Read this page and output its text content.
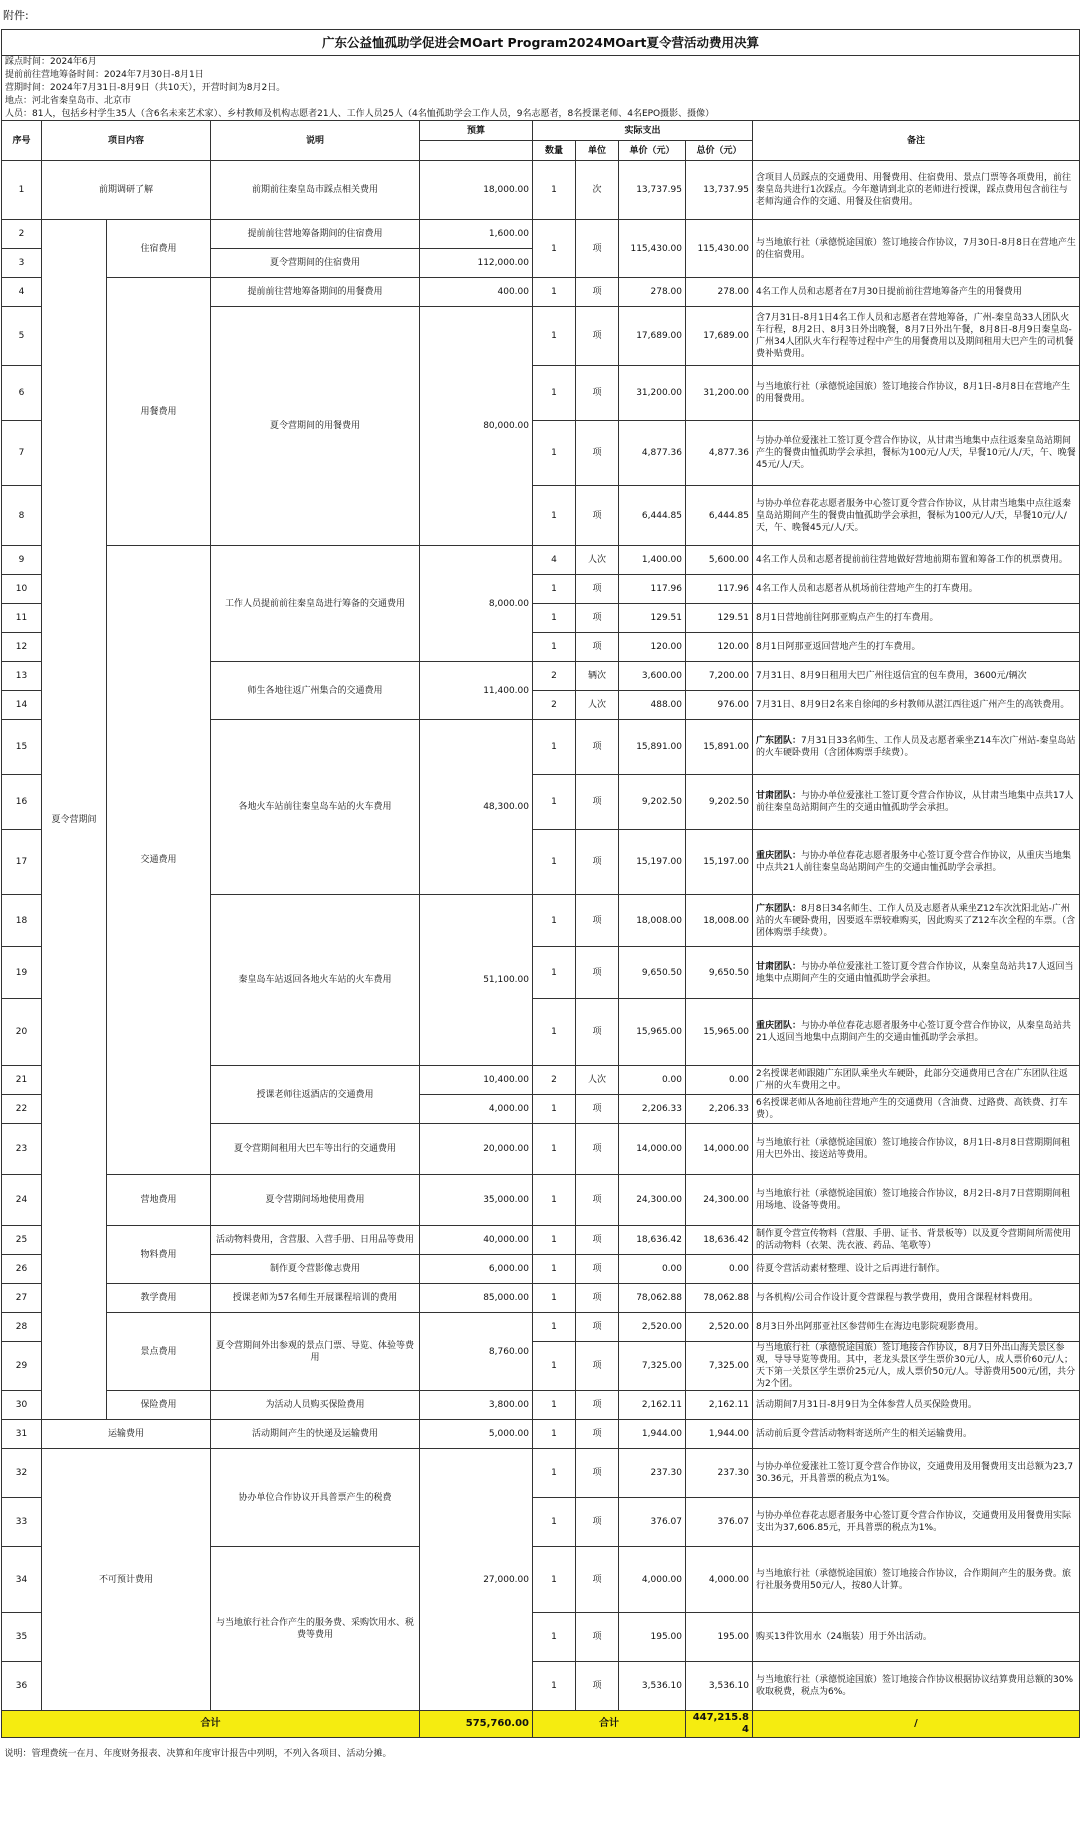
附件:
广东公益恤孤助学促进会MOart Program2024MOart夏令营活动费用决算									
踩点时间：2024年6月									
提前前往营地筹备时间：2024年7月30日-8月1日									
营期时间：2024年7月31日-8月9日（共10天），开营时间为8月2日。									
地点：河北省秦皇岛市、北京市									
人员：81人，包括乡村学生35人（含6名未来艺术家）、乡村教师及机构志愿者21人、工作人员25人（4名恤孤助学会工作人员，9名志愿者，8名授课老师、4名EPO摄影、摄像）									
序号	项目内容		说明	预算	实际支出				备注
					数量	单位	单价（元）	总价（元）	
1	前期调研了解		前期前往秦皇岛市踩点相关费用	18,000.00	1	次	13,737.95	13,737.95	含项目人员踩点的交通费用、用餐费用、住宿费用、景点门票等各项费用，前往秦皇岛共进行1次踩点。今年邀请到北京的老师进行授课，踩点费用包含前往与老师沟通合作的交通、用餐及住宿费用。
2	夏令营期间	住宿费用	提前前往营地筹备期间的住宿费用	1,600.00	1	项	115,430.00	115,430.00	与当地旅行社（承德悦途国旅）签订地接合作协议，7月30日-8月8日在营地产生的住宿费用。
3			夏令营期间的住宿费用	112,000.00					
4		用餐费用	提前前往营地筹备期间的用餐费用	400.00	1	项	278.00	278.00	4名工作人员和志愿者在7月30日提前前往营地筹备产生的用餐费用
5			夏令营期间的用餐费用	80,000.00	1	项	17,689.00	17,689.00	含7月31日-8月1日4名工作人员和志愿者在营地筹备，广州-秦皇岛33人团队火车行程，8月2日、8月3日外出晚餐，8月7日外出午餐，8月8日-8月9日秦皇岛-广州34人团队火车行程等过程中产生的用餐费用以及期间租用大巴产生的司机餐费补贴费用。
6					1	项	31,200.00	31,200.00	与当地旅行社（承德悦途国旅）签订地接合作协议，8月1日-8月8日在营地产生的用餐费用。
7					1	项	4,877.36	4,877.36	与协办单位爱涨社工签订夏令营合作协议，从甘肃当地集中点往返秦皇岛站期间产生的餐费由恤孤助学会承担，餐标为100元/人/天，早餐10元/人/天，午、晚餐45元/人/天。
8					1	项	6,444.85	6,444.85	与协办单位春花志愿者服务中心签订夏令营合作协议，从甘肃当地集中点往返秦皇岛站期间产生的餐费由恤孤助学会承担，餐标为100元/人/天，早餐10元/人/天，午、晚餐45元/人/天。
9		交通费用	工作人员提前前往秦皇岛进行筹备的交通费用	8,000.00	4	人次	1,400.00	5,600.00	4名工作人员和志愿者提前前往营地做好营地前期布置和筹备工作的机票费用。
10					1	项	117.96	117.96	4名工作人员和志愿者从机场前往营地产生的打车费用。
11					1	项	129.51	129.51	8月1日营地前往阿那亚购点产生的打车费用。
12					1	项	120.00	120.00	8月1日阿那亚返回营地产生的打车费用。
13			师生各地往返广州集合的交通费用	11,400.00	2	辆次	3,600.00	7,200.00	7月31日、8月9日租用大巴广州往返信宜的包车费用，3600元/辆次
14					2	人次	488.00	976.00	7月31日、8月9日2名来自徐闻的乡村教师从湛江西往返广州产生的高铁费用。
15			各地火车站前往秦皇岛车站的火车费用	48,300.00	1	项	15,891.00	15,891.00	广东团队：7月31日33名师生、工作人员及志愿者乘坐Z14车次广州站-秦皇岛站的火车硬卧费用（含团体购票手续费）。
16					1	项	9,202.50	9,202.50	甘肃团队：与协办单位爱涨社工签订夏令营合作协议，从甘肃当地集中点共17人前往秦皇岛站期间产生的交通由恤孤助学会承担。
17					1	项	15,197.00	15,197.00	重庆团队：与协办单位春花志愿者服务中心签订夏令营合作协议，从重庆当地集中点共21人前往秦皇岛站期间产生的交通由恤孤助学会承担。
18			秦皇岛车站返回各地火车站的火车费用	51,100.00	1	项	18,008.00	18,008.00	广东团队：8月8日34名师生、工作人员及志愿者从乘坐Z12车次沈阳北站-广州站的火车硬卧费用，因要返车票较难购买，因此购买了Z12车次全程的车票。（含团体购票手续费）。
19					1	项	9,650.50	9,650.50	甘肃团队：与协办单位爱涨社工签订夏令营合作协议，从秦皇岛站共17人返回当地集中点期间产生的交通由恤孤助学会承担。
20					1	项	15,965.00	15,965.00	重庆团队：与协办单位春花志愿者服务中心签订夏令营合作协议，从秦皇岛站共21人返回当地集中点期间产生的交通由恤孤助学会承担。
21			授课老师往返酒店的交通费用	10,400.00	2	人次	0.00	0.00	2名授课老师跟随广东团队乘坐火车硬卧，此部分交通费用已含在广东团队往返广州的火车费用之中。
22				4,000.00	1	项	2,206.33	2,206.33	6名授课老师从各地前往营地产生的交通费用（含油费、过路费、高铁费、打车费）。
23			夏令营期间租用大巴车等出行的交通费用	20,000.00	1	项	14,000.00	14,000.00	与当地旅行社（承德悦途国旅）签订地接合作协议，8月1日-8月8日营期期间租用大巴外出、接送站等费用。
24		营地费用	夏令营期间场地使用费用	35,000.00	1	项	24,300.00	24,300.00	与当地旅行社（承德悦途国旅）签订地接合作协议，8月2日-8月7日营期期间租用场地、设备等费用。
25		物料费用	活动物料费用，含营服、入营手册、日用品等费用	40,000.00	1	项	18,636.42	18,636.42	制作夏令营宣传物料（营服、手册、证书、背景板等）以及夏令营期间所需使用的活动物料（衣架、洗衣液、药品、笔歌等）
26			制作夏令营影像志费用	6,000.00	1	项	0.00	0.00	待夏令营活动素材整理、设计之后再进行制作。
27		教学费用	授课老师为57名师生开展课程培训的费用	85,000.00	1	项	78,062.88	78,062.88	与各机构/公司合作设计夏令营课程与教学费用，费用含课程材料费用。
28		景点费用	夏令营期间外出参观的景点门票、导览、体验等费用	8,760.00	1	项	2,520.00	2,520.00	8月3日外出阿那亚社区参营师生在海边电影院观影费用。
29					1	项	7,325.00	7,325.00	与当地旅行社（承德悦途国旅）签订地接合作协议，8月7日外出山海关景区参观，导导导览等费用。其中，老龙头景区学生票价30元/人，成人票价60元/人；天下第一关景区学生票价25元/人，成人票价50元/人。导游费用500元/团，共分为2个团。
30		保险费用	为活动人员购买保险费用	3,800.00	1	项	2,162.11	2,162.11	活动期间7月31日-8月9日为全体参营人员买保险费用。
31	运输费用		活动期间产生的快递及运输费用	5,000.00	1	项	1,944.00	1,944.00	活动前后夏令营活动物料寄送所产生的相关运输费用。
32	不可预计费用		协办单位合作协议开具普票产生的税费	27,000.00	1	项	237.30	237.30	与协办单位爱涨社工签订夏令营合作协议，交通费用及用餐费用支出总额为23,730.36元，开具普票的税点为1%。
33					1	项	376.07	376.07	与协办单位春花志愿者服务中心签订夏令营合作协议，交通费用及用餐费用实际支出为37,606.85元，开具普票的税点为1%。
34			与当地旅行社合作产生的服务费、采购饮用水、税费等费用		1	项	4,000.00	4,000.00	与当地旅行社（承德悦途国旅）签订地接合作协议，合作期间产生的服务费。旅行社服务费用50元/人，按80人计算。
35					1	项	195.00	195.00	购买13件饮用水（24瓶装）用于外出活动。
36					1	项	3,536.10	3,536.10	与当地旅行社（承德悦途国旅）签订地接合作协议根据协议结算费用总额的30%收取税费，税点为6%。
合计				575,760.00	合计			447,215.84	/
说明：管理费统一在月、年度财务报表、决算和年度审计报告中列明，不列入各项目、活动分摊。									
